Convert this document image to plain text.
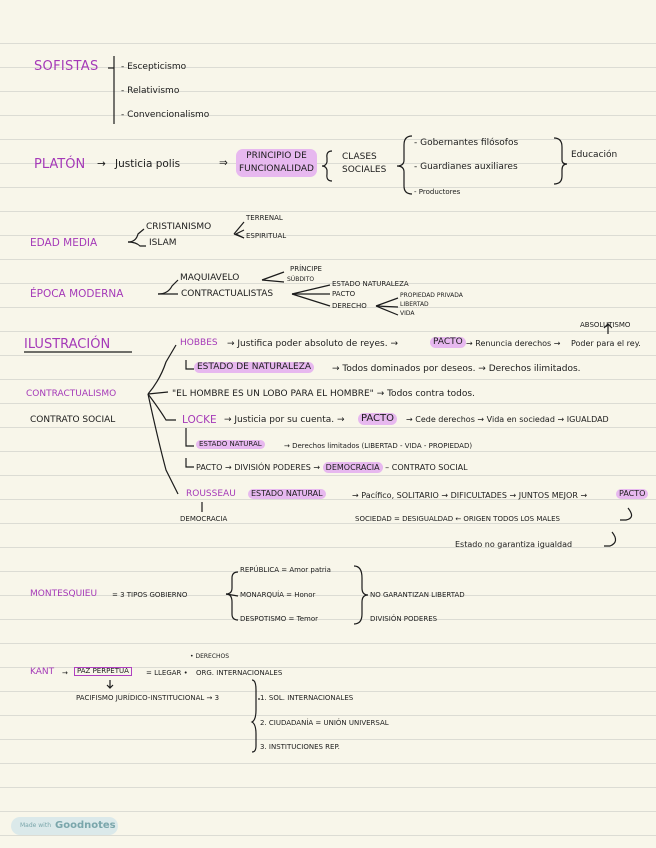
SOFISTAS - Escepticismo
- Relativismo
- Convencionalismo
PLATÓN → Justicia polis	⇒
PRINCIPIO DE
FUNCIONALIDAD
CLASES
SOCIALES
- Gobernantes filósofos
- Guardianes auxiliares
- Productores
Educación
EDAD MEDIA
CRISTIANISMO
ISLAM
TERRENAL
ESPIRITUAL
ÉPOCA MODERNA
MAQUIAVELO
PRÍNCIPE
SÚBDITO
CONTRACTUALISTAS
ESTADO NATURALEZA
PACTO
DERECHO
PROPIEDAD PRIVADA
LIBERTAD
VIDA
ILUSTRACIÓN
CONTRACTUALISMO
CONTRATO SOCIAL
ABSOLUTISMO
HOBBES → Justifica poder absoluto de reyes. →	PACTO → Renuncia derechos → Poder para el rey.
ESTADO DE NATURALEZA	→ Todos dominados por deseos. → Derechos ilimitados.
"EL HOMBRE ES UN LOBO PARA EL HOMBRE" → Todos contra todos.
LOCKE → Justicia por su cuenta. →	PACTO	→ Cede derechos → Vida en sociedad → IGUALDAD
ESTADO NATURAL	→ Derechos limitados (LIBERTAD - VIDA - PROPIEDAD)
PACTO → DIVISIÓN PODERES → DEMOCRACIA – CONTRATO SOCIAL
ROUSSEAU	ESTADO NATURAL	→ Pacífico, SOLITARIO → DIFICULTADES → JUNTOS MEJOR →	PACTO
DEMOCRACIA	SOCIEDAD = DESIGUALDAD ← ORIGEN TODOS LOS MALES
Estado no garantiza igualdad
MONTESQUIEU = 3 TIPOS GOBIERNO
REPÚBLICA = Amor patria
MONARQUÍA = Honor
DESPOTISMO = Temor
NO GARANTIZAN LIBERTAD
DIVISIÓN PODERES
KANT →	PAZ PERPETUA	= LLEGAR •
• DERECHOS
ORG. INTERNACIONALES
PACIFISMO JURÍDICO-INSTITUCIONAL → 3	1. SOL. INTERNACIONALES
2. CIUDADANÍA = UNIÓN UNIVERSAL
3. INSTITUCIONES REP.
Made with Goodnotes
